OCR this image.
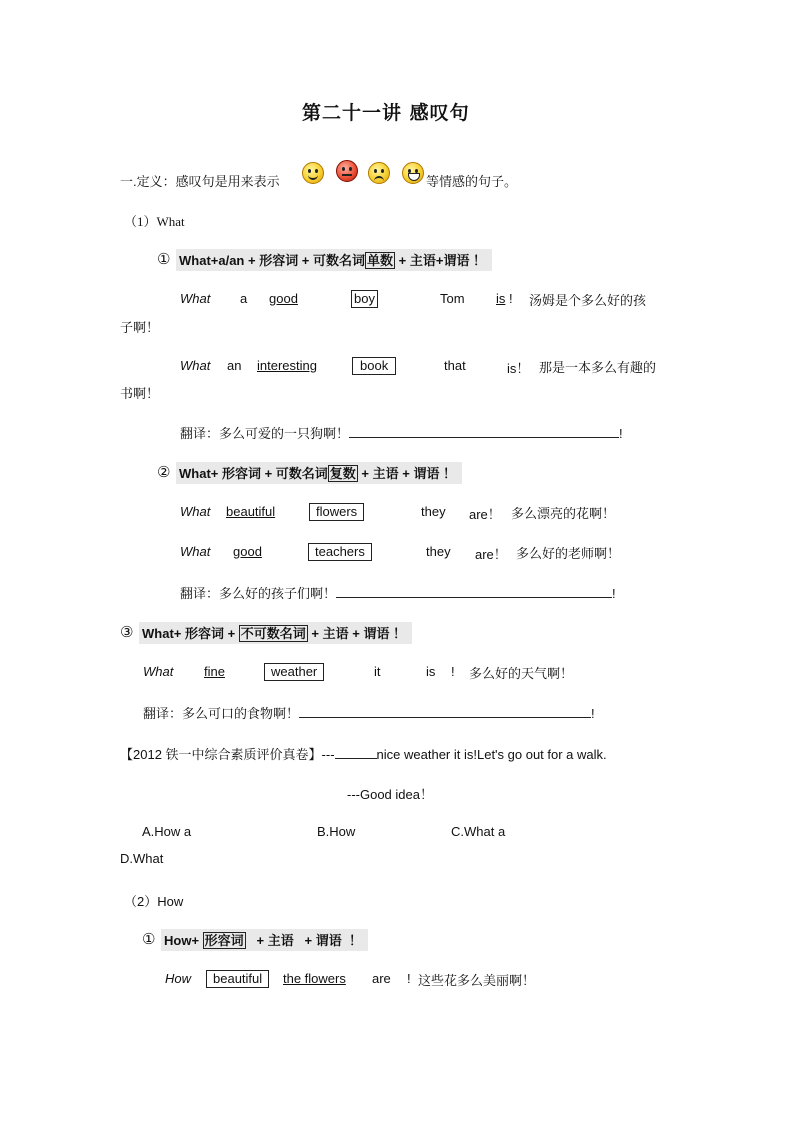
第二十一讲 感叹句
一.定义：感叹句是用来表示	等情感的句子。
（1）What
① What+a/an + 形容词 + 可数名词 单数 + 主语+谓语 ！
What a good	boy	Tom is ! 汤姆是个多么好的孩
子啊！
What an interesting	book	that	is！ 那是一本多么有趣的
书啊！
翻译：多么可爱的一只狗啊！	!
② What+ 形容词 + 可数名词 复数 + 主语 + 谓语 ！
What beautiful	flowers	they are！ 多么漂亮的花啊！
What good	teachers	they are！ 多么好的老师啊！
翻译：多么好的孩子们啊！	!
③ What+ 形容词 + 不可数名词 + 主语 + 谓语 ！
What fine	weather	it	is ! 多么好的天气啊！
翻译：多么可口的食物啊！	!
【2012 铁一中综合素质评价真卷】---	nice weather it is!Let's go out for a walk.
---Good idea！
A.How a	B.How	C.What a
D.What
（2）How
① How+ 形容词   + 主语   + 谓语  ！
How	beautiful	the flowers are ! 这些花多么美丽啊！
